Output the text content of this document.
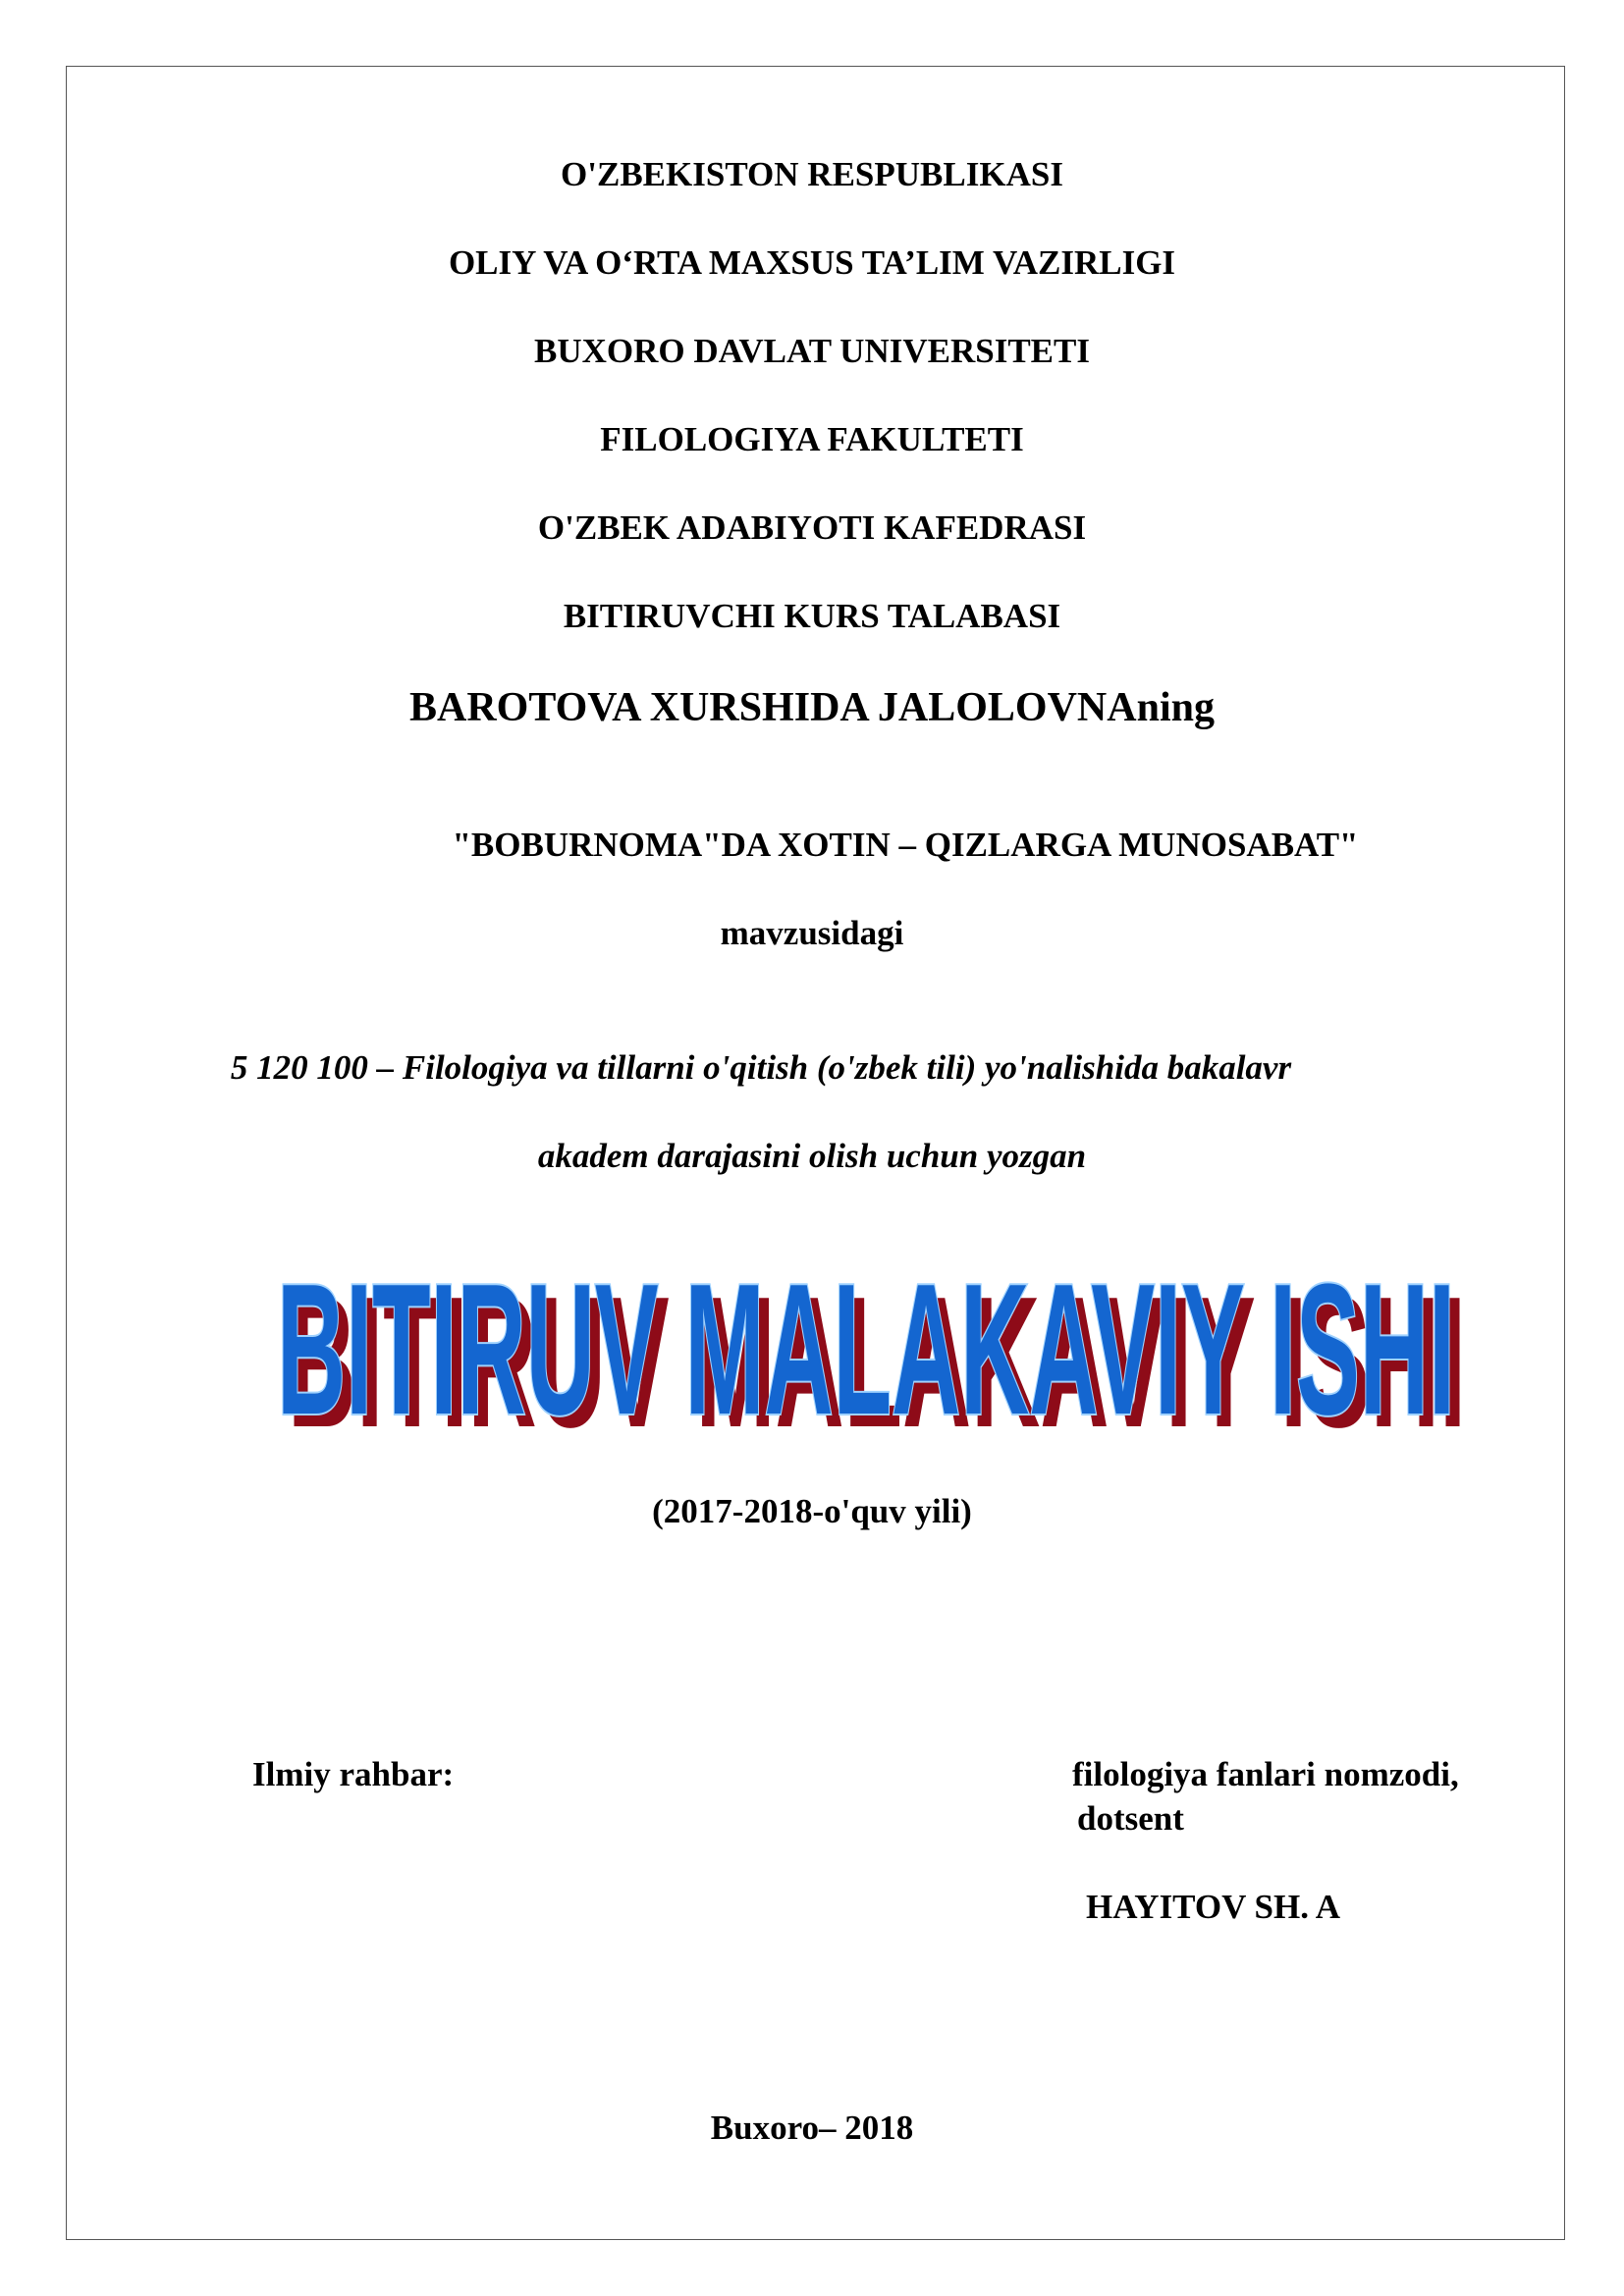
O'ZBEKISTON RESPUBLIKASI
OLIY VA O‘RTA MAXSUS TA’LIM VAZIRLIGI
BUXORO DAVLAT UNIVERSITETI
FILOLOGIYA FAKULTETI
O'ZBEK ADABIYOTI KAFEDRASI
BITIRUVCHI KURS TALABASI
BAROTOVA XURSHIDA JALOLOVNAning
"BOBURNOMA"DA XOTIN – QIZLARGA MUNOSABAT"
mavzusidagi
5 120 100 – Filologiya va tillarni o'qitish (o'zbek tili) yo'nalishida bakalavr
akadem darajasini olish uchun yozgan
BITIRUV MALAKAVIY ISHI
BITIRUV MALAKAVIY ISHI
(2017-2018-o'quv yili)
Ilmiy rahbar:	filologiya fanlari nomzodi,
dotsent
HAYITOV SH. A
Buxoro– 2018
